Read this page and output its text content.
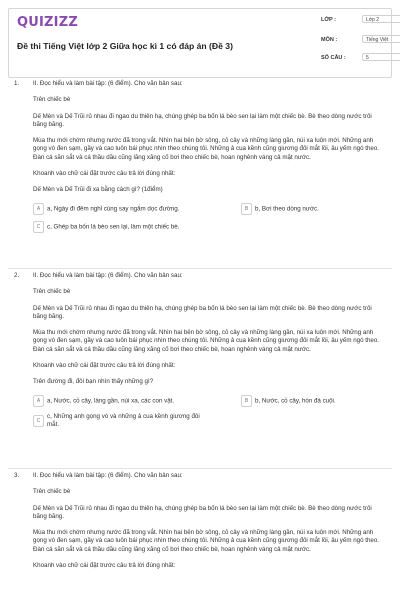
QUIZIZZ
Đề thi Tiếng Việt lớp 2 Giữa học kì 1 có đáp án (Đề 3)
LỚP :	Lớp 2
MÔN :	Tiếng Việt
SỐ CÂU :	5
1. II. Đọc hiểu và làm bài tập: (6 điểm). Cho văn bản sau:

Trên chiếc bè

Dế Mèn và Dế Trũi rủ nhau đi ngao du thiên hạ, chúng ghép ba bốn lá bèo sen lại làm một chiếc bè. Bè theo dòng nước trôi băng băng.

Mùa thu mới chớm nhưng nước đã trong vắt. Nhìn hai bên bờ sông, cỏ cây và những làng gần, núi xa luôn mới. Những anh gọng vó đen sạm, gầy và cao luôn bái phục nhìn theo chúng tôi. Những ả cua kềnh cũng giương đôi mắt lồi, âu yếm ngó theo. Đàn cá săn sắt và cá thầu dầu cũng lăng xăng cố bơi theo chiếc bè, hoan nghênh váng cả mặt nước.

Khoanh vào chữ cái đặt trước câu trả lời đúng nhất:

Dế Mèn và Dế Trũi đi xa bằng cách gì? (1điểm)

A a, Ngày đi đêm nghỉ cùng say ngắm dọc đường.	B b, Bơi theo dòng nước.
C c, Ghép ba bốn lá bèo sen lại, làm một chiếc bè.
2. II. Đọc hiểu và làm bài tập: (6 điểm). Cho văn bản sau:

Trên chiếc bè

Dế Mèn và Dế Trũi rủ nhau đi ngao du thiên hạ, chúng ghép ba bốn lá bèo sen lại làm một chiếc bè. Bè theo dòng nước trôi băng băng.

Mùa thu mới chớm nhưng nước đã trong vắt. Nhìn hai bên bờ sông, cỏ cây và những làng gần, núi xa luôn mới. Những anh gọng vó đen sạm, gầy và cao luôn bái phục nhìn theo chúng tôi. Những ả cua kềnh cũng giương đôi mắt lồi, âu yếm ngó theo. Đàn cá săn sắt và cá thầu dầu cũng lăng xăng cố bơi theo chiếc bè, hoan nghênh váng cả mặt nước.

Khoanh vào chữ cái đặt trước câu trả lời đúng nhất:

Trên đường đi, đôi bạn nhìn thấy những gì?

A a, Nước, cỏ cây, làng gần, núi xa, các con vật.	B b, Nước, cỏ cây, hòn đá cuội.
C
c, Những anh gọng vó và những ả cua kềnh giương đôi mắt.
3. II. Đọc hiểu và làm bài tập: (6 điểm). Cho văn bản sau:

Trên chiếc bè

Dế Mèn và Dế Trũi rủ nhau đi ngao du thiên hạ, chúng ghép ba bốn lá bèo sen lại làm một chiếc bè. Bè theo dòng nước trôi băng băng.

Mùa thu mới chớm nhưng nước đã trong vắt. Nhìn hai bên bờ sông, cỏ cây và những làng gần, núi xa luôn mới. Những anh gọng vó đen sạm, gầy và cao luôn bái phục nhìn theo chúng tôi. Những ả cua kềnh cũng giương đôi mắt lồi, âu yếm ngó theo. Đàn cá săn sắt và cá thầu dầu cũng lăng xăng cố bơi theo chiếc bè, hoan nghênh váng cả mặt nước.

Khoanh vào chữ cái đặt trước câu trả lời đúng nhất:
